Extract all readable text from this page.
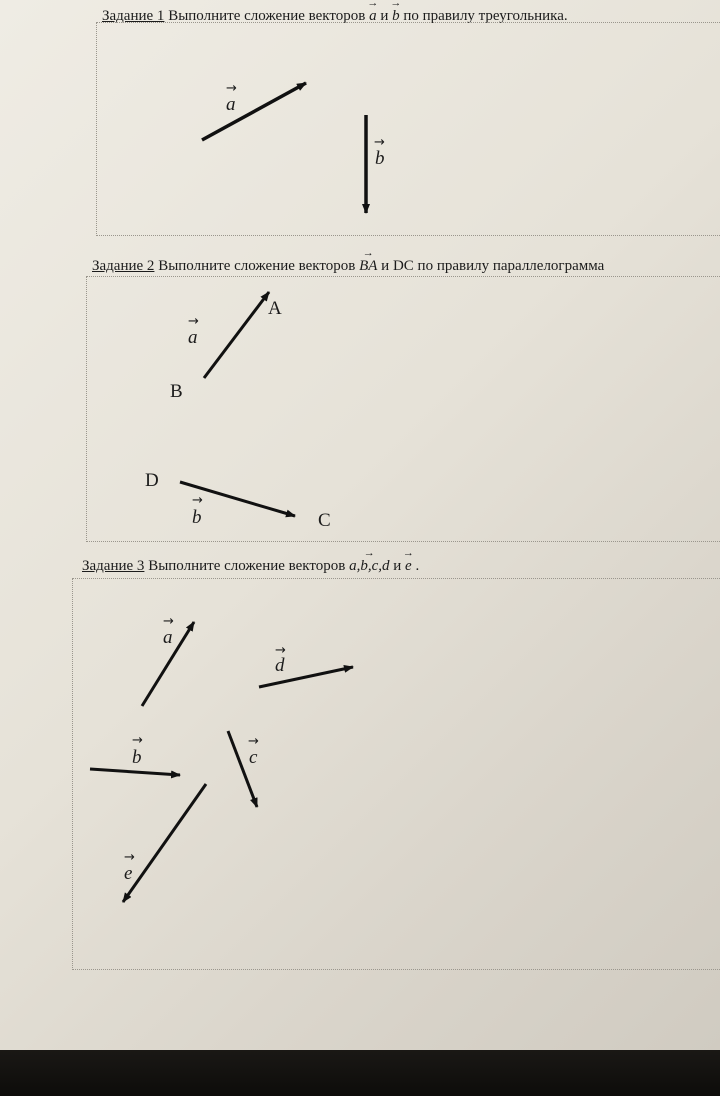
Задание 1 Выполните сложение векторов → a и → b по правилу треугольника.
Задание 2 Выполните сложение векторов → BA и DC по правилу параллелограмма
Задание 3 Выполните сложение векторов → a,b,c,d и → e .
→
a
→
b
A
B
→
a
D
C
→
b
→
a
→
d
→
b
→
c
→
e
